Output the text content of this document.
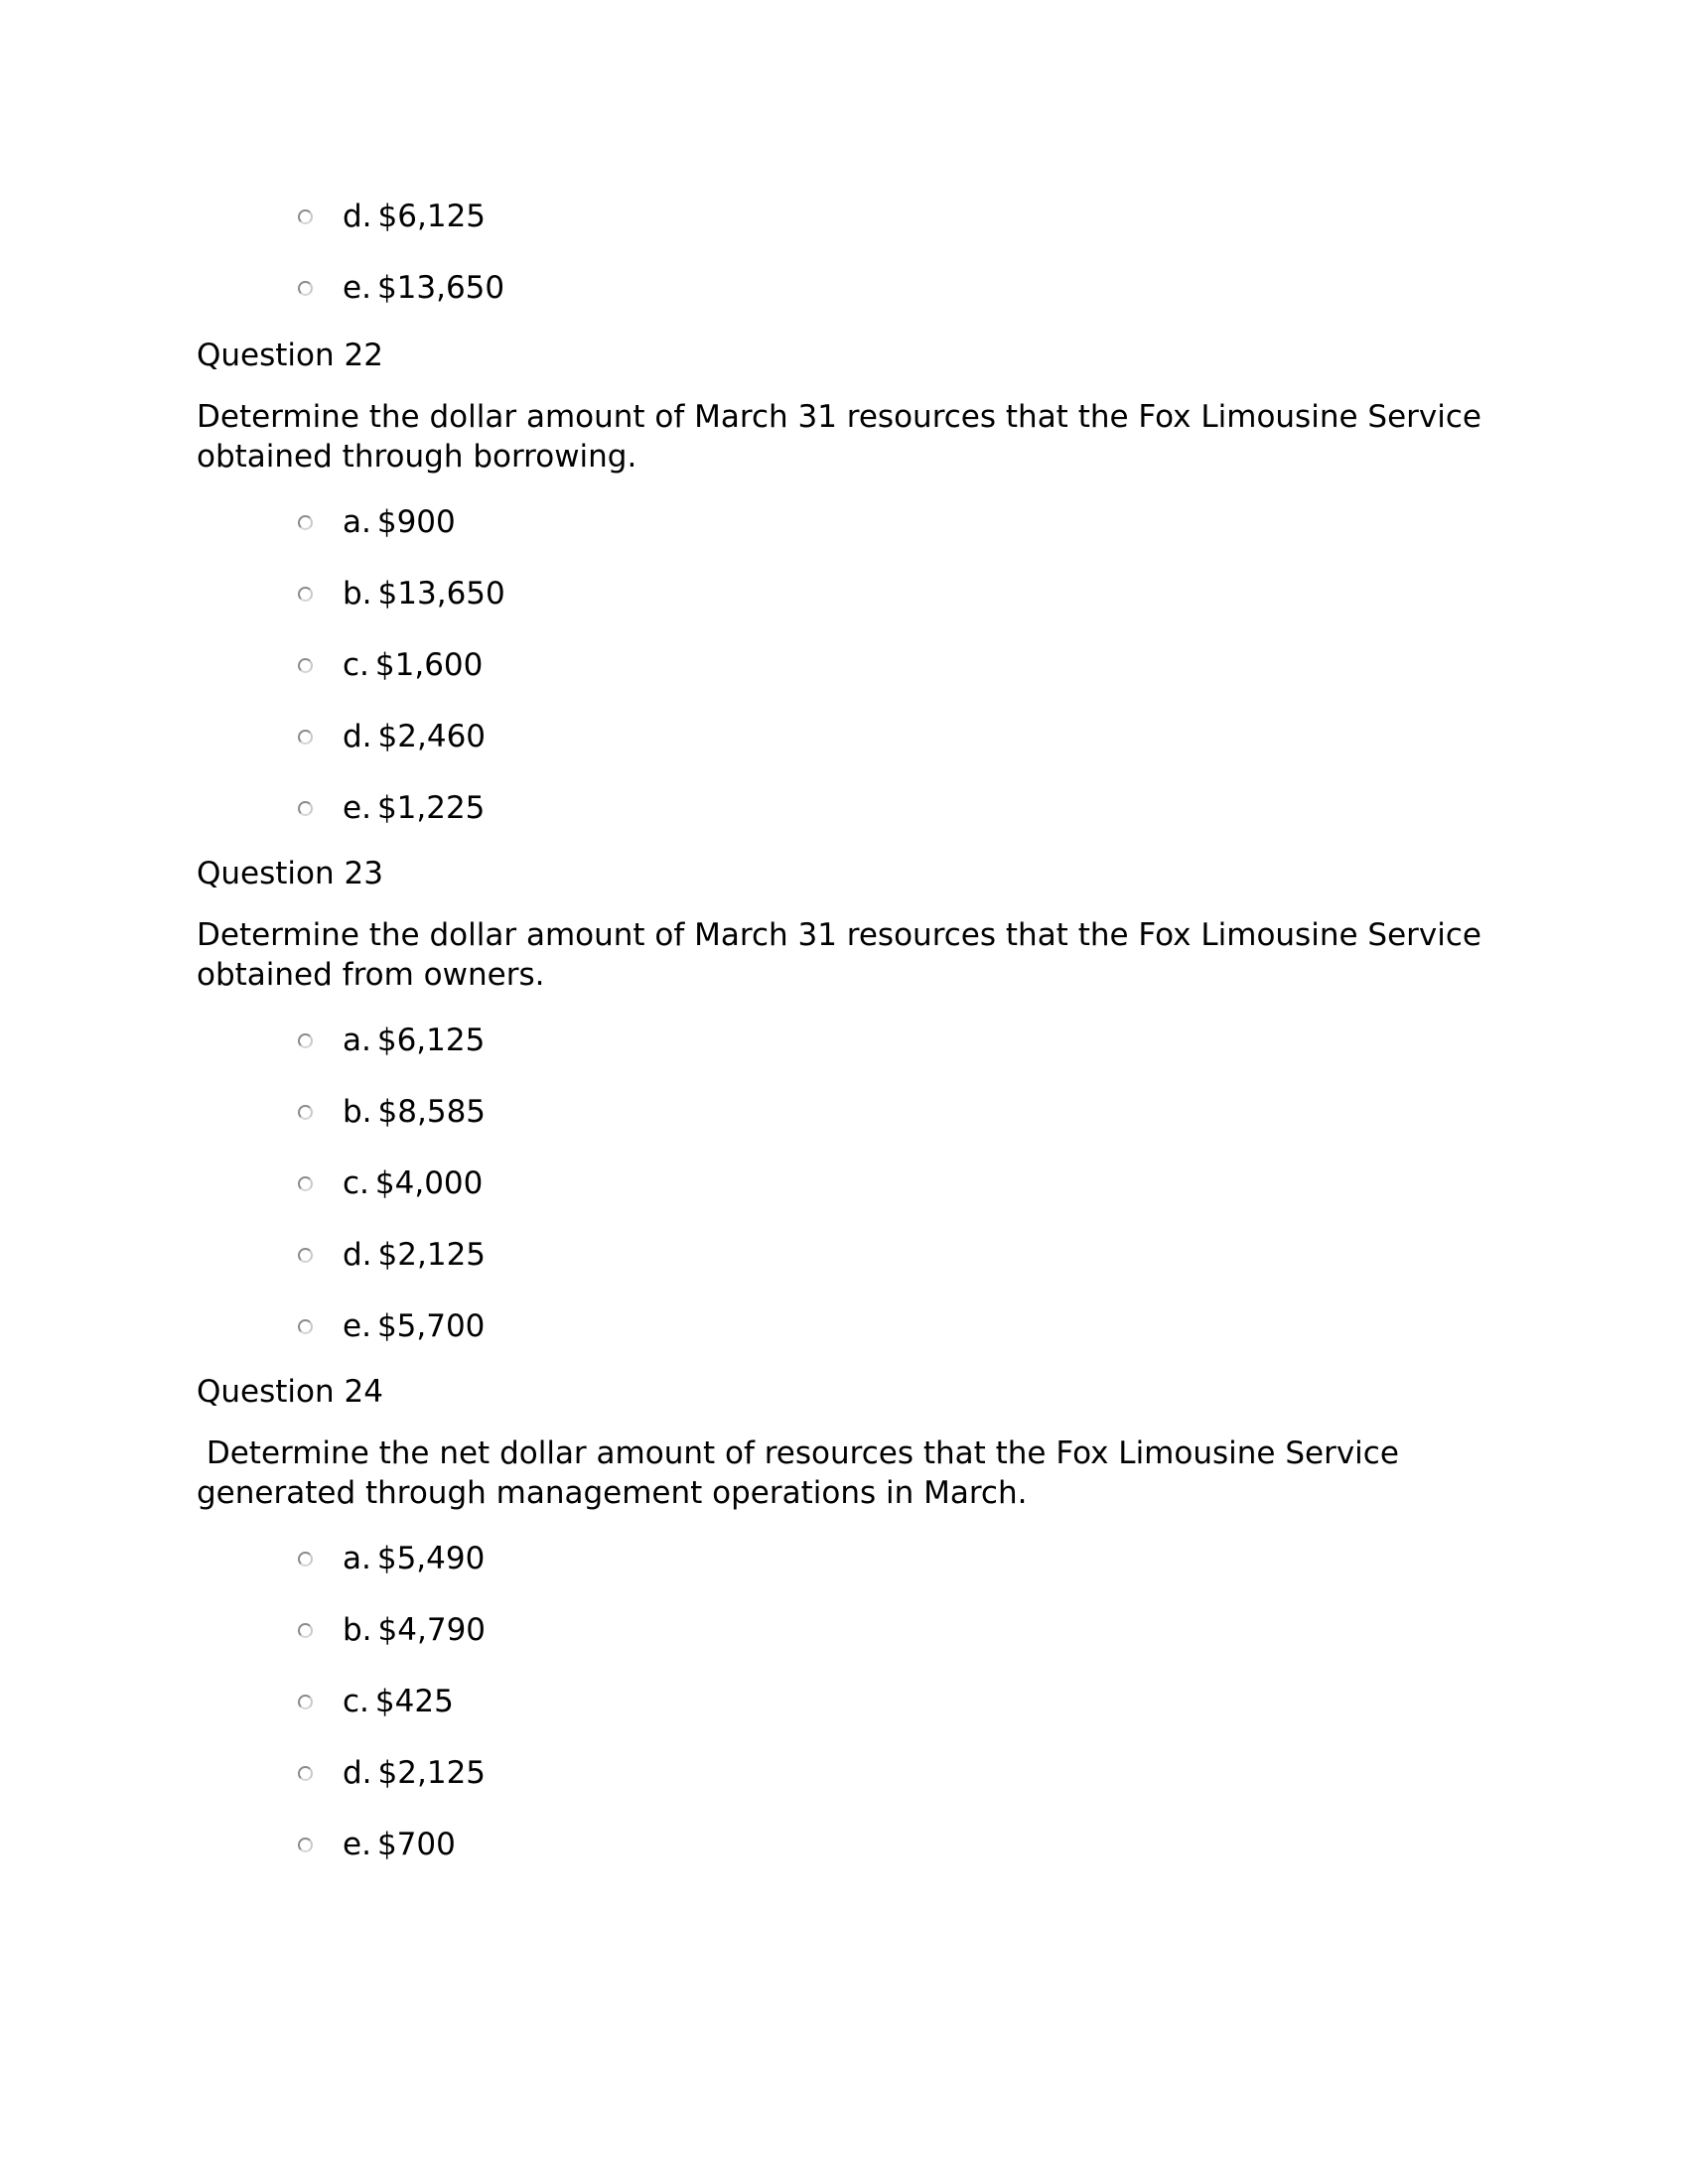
d. $6,125
e. $13,650
Question 22
Determine the dollar amount of March 31 resources that the Fox Limousine Service obtained through borrowing.
a. $900
b. $13,650
c. $1,600
d. $2,460
e. $1,225
Question 23
Determine the dollar amount of March 31 resources that the Fox Limousine Service obtained from owners.
a. $6,125
b. $8,585
c. $4,000
d. $2,125
e. $5,700
Question 24
Determine the net dollar amount of resources that the Fox Limousine Service generated through management operations in March.
a. $5,490
b. $4,790
c. $425
d. $2,125
e. $700
